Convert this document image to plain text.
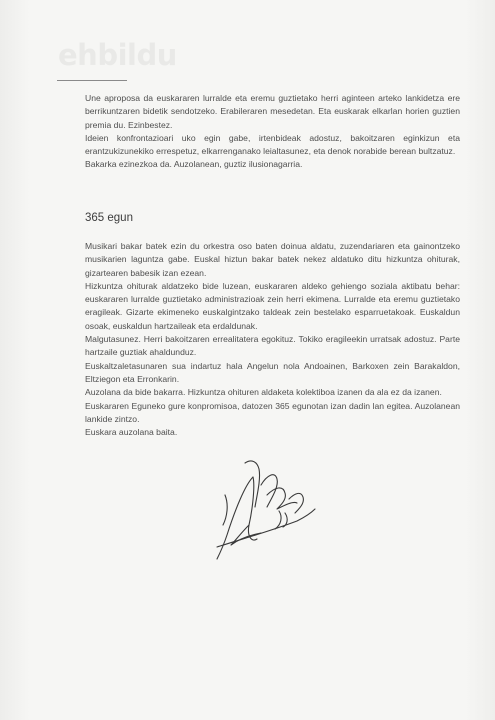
ehbildu

Une aproposa da euskararen lurralde eta eremu guztietako herri aginteen arteko lankidetza ere berrikuntzaren bidetik sendotzeko. Erabileraren mesedetan. Eta euskarak elkarlan horien guztien premia du. Ezinbestez.

Ideien konfrontazioari uko egin gabe, irtenbideak adostuz, bakoitzaren eginkizun eta erantzukizunekiko errespetuz, elkarrenganako leialtasunez, eta denok norabide berean bultzatuz.

Bakarka ezinezkoa da. Auzolanean, guztiz ilusionagarria.

365 egun

Musikari bakar batek ezin du orkestra oso baten doinua aldatu, zuzendariaren eta gainontzeko musikarien laguntza gabe. Euskal hiztun bakar batek nekez aldatuko ditu hizkuntza ohiturak, gizartearen babesik izan ezean.

Hizkuntza ohiturak aldatzeko bide luzean, euskararen aldeko gehiengo soziala aktibatu behar: euskararen lurralde guztietako administrazioak zein herri ekimena. Lurralde eta eremu guztietako eragileak. Gizarte ekimeneko euskalgintzako taldeak zein bestelako esparruetakoak. Euskaldun osoak, euskaldun hartzaileak eta erdaldunak.

Malgutasunez. Herri bakoitzaren errealitatera egokituz. Tokiko eragileekin urratsak adostuz. Parte hartzaile guztiak ahaldunduz.

Euskaltzaletasunaren sua indartuz hala Angelun nola Andoainen, Barkoxen zein Barakaldon, Eltziegon eta Erronkarin.

Auzolana da bide bakarra. Hizkuntza ohituren aldaketa kolektiboa izanen da ala ez da izanen.

Euskararen Eguneko gure konpromisoa, datozen 365 egunotan izan dadin lan egitea. Auzolanean lankide zintzo.

Euskara auzolana baita.
